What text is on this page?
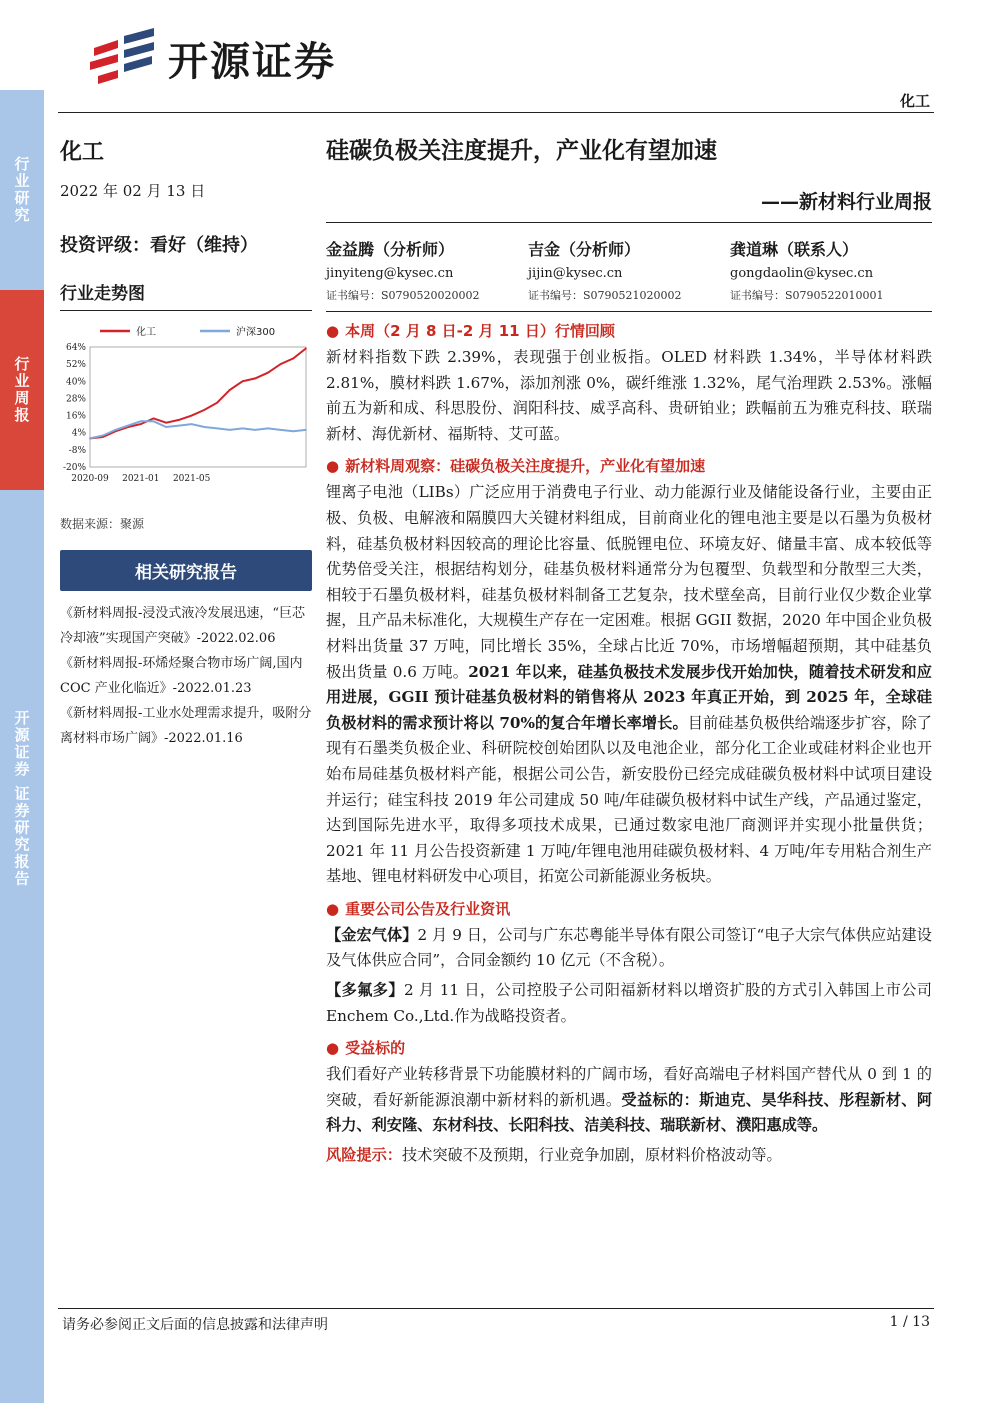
行业研究
行业周报
开源证券 证券研究报告
开源证券
化工
化工
2022 年 02 月 13 日
投资评级：看好（维持）
行业走势图
64%
52%
40%
28%
16%
4%
-8%
-20%
2020-09 2021-01 2021-05
化工	沪深300
数据来源：聚源
相关研究报告
《新材料周报-浸没式液冷发展迅速，“巨芯冷却液”实现国产突破》-2022.02.06
《新材料周报-环烯烃聚合物市场广阔,国内 COC 产业化临近》-2022.01.23
《新材料周报-工业水处理需求提升，吸附分离材料市场广阔》-2022.01.16
硅碳负极关注度提升，产业化有望加速
——新材料行业周报
金益腾（分析师）
jinyiteng@kysec.cn
证书编号：S0790520020002
吉金（分析师）
jijin@kysec.cn
证书编号：S0790521020002
龚道琳（联系人）
gongdaolin@kysec.cn
证书编号：S0790522010001
● 本周（2 月 8 日-2 月 11 日）行情回顾

新材料指数下跌 2.39%，表现强于创业板指。OLED 材料跌 1.34%，半导体材料跌 2.81%，膜材料跌 1.67%，添加剂涨 0%，碳纤维涨 1.32%，尾气治理跌 2.53%。涨幅前五为新和成、科思股份、润阳科技、威孚高科、贵研铂业；跌幅前五为雅克科技、联瑞新材、海优新材、福斯特、艾可蓝。

● 新材料周观察：硅碳负极关注度提升，产业化有望加速

锂离子电池（LIBs）广泛应用于消费电子行业、动力能源行业及储能设备行业，主要由正极、负极、电解液和隔膜四大关键材料组成，目前商业化的锂电池主要是以石墨为负极材料，硅基负极材料因较高的理论比容量、低脱锂电位、环境友好、储量丰富、成本较低等优势倍受关注，根据结构划分，硅基负极材料通常分为包覆型、负载型和分散型三大类，相较于石墨负极材料，硅基负极材料制备工艺复杂，技术壁垒高，目前行业仅少数企业掌握，且产品未标准化，大规模生产存在一定困难。根据 GGII 数据，2020 年中国企业负极材料出货量 37 万吨，同比增长 35%，全球占比近 70%，市场增幅超预期，其中硅基负极出货量 0.6 万吨。2021 年以来，硅基负极技术发展步伐开始加快，随着技术研发和应用进展，GGII 预计硅基负极材料的销售将从 2023 年真正开始，到 2025 年，全球硅负极材料的需求预计将以 70%的复合年增长率增长。目前硅基负极供给端逐步扩容，除了现有石墨类负极企业、科研院校创始团队以及电池企业，部分化工企业或硅材料企业也开始布局硅基负极材料产能，根据公司公告，新安股份已经完成硅碳负极材料中试项目建设并运行；硅宝科技 2019 年公司建成 50 吨/年硅碳负极材料中试生产线，产品通过鉴定，达到国际先进水平，取得多项技术成果，已通过数家电池厂商测评并实现小批量供货；2021 年 11 月公告投资新建 1 万吨/年锂电池用硅碳负极材料、4 万吨/年专用粘合剂生产基地、锂电材料研发中心项目，拓宽公司新能源业务板块。

● 重要公司公告及行业资讯

【金宏气体】2 月 9 日，公司与广东芯粤能半导体有限公司签订“电子大宗气体供应站建设及气体供应合同”，合同金额约 10 亿元（不含税）。

【多氟多】2 月 11 日，公司控股子公司阳福新材料以增资扩股的方式引入韩国上市公司 Enchem Co.,Ltd.作为战略投资者。

● 受益标的

我们看好产业转移背景下功能膜材料的广阔市场，看好高端电子材料国产替代从 0 到 1 的突破，看好新能源浪潮中新材料的新机遇。受益标的：斯迪克、昊华科技、彤程新材、阿科力、利安隆、东材科技、长阳科技、洁美科技、瑞联新材、濮阳惠成等。

风险提示：技术突破不及预期，行业竞争加剧，原材料价格波动等。

请务必参阅正文后面的信息披露和法律声明	1 / 13
